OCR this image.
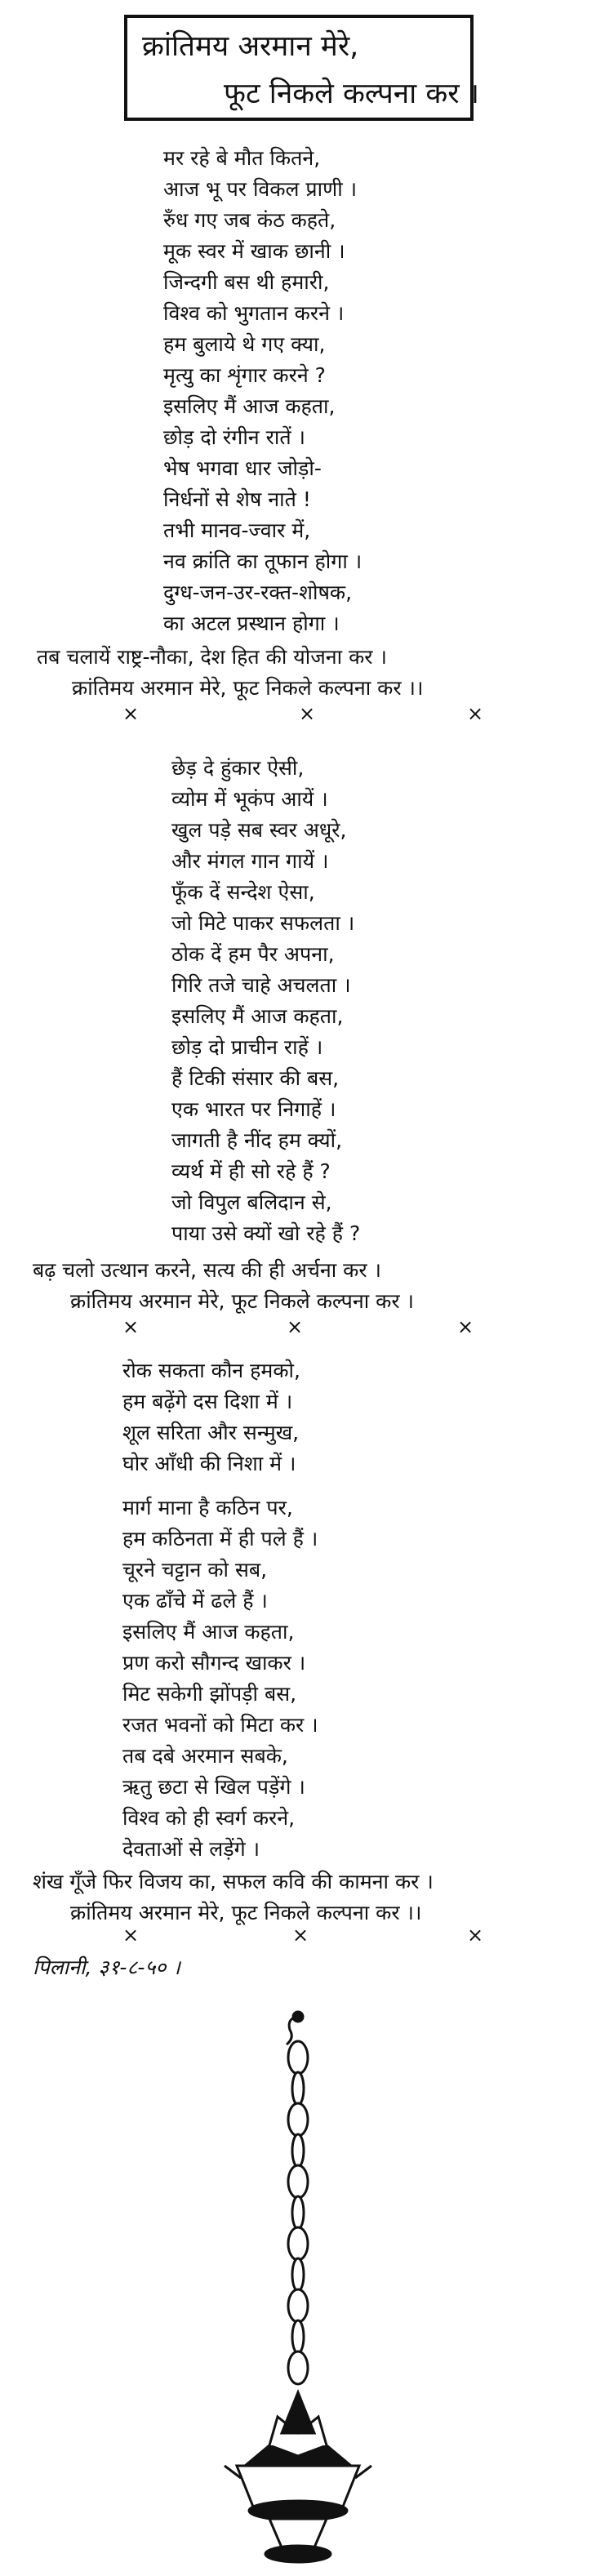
क्रांतिमय अरमान मेरे,
फूट निकले कल्पना कर ।
मर रहे बे मौत कितने,
आज भू पर विकल प्राणी ।
रुँध गए जब कंठ कहते,
मूक स्वर में खाक छानी ।
जिन्दगी बस थी हमारी,
विश्व को भुगतान करने ।
हम बुलाये थे गए क्या,
मृत्यु का शृंगार करने ?
इसलिए मैं आज कहता,
छोड़ दो रंगीन रातें ।
भेष भगवा धार जोड़ो-
निर्धनों से शेष नाते !
तभी मानव-ज्वार में,
नव क्रांति का तूफान होगा ।
दुग्ध-जन-उर-रक्त-शोषक,
का अटल प्रस्थान होगा ।
तब चलायें राष्ट्र-नौका, देश हित की योजना कर ।
क्रांतिमय अरमान मेरे, फूट निकले कल्पना कर ।।
×	×	×
छेड़ दे हुंकार ऐसी,
व्योम में भूकंप आयें ।
खुल पड़े सब स्वर अधूरे,
और मंगल गान गायें ।
फूँक दें सन्देश ऐसा,
जो मिटे पाकर सफलता ।
ठोक दें हम पैर अपना,
गिरि तजे चाहे अचलता ।
इसलिए मैं आज कहता,
छोड़ दो प्राचीन राहें ।
हैं टिकी संसार की बस,
एक भारत पर निगाहें ।
जागती है नींद हम क्यों,
व्यर्थ में ही सो रहे हैं ?
जो विपुल बलिदान से,
पाया उसे क्यों खो रहे हैं ?
बढ़ चलो उत्थान करने, सत्य की ही अर्चना कर ।
क्रांतिमय अरमान मेरे, फूट निकले कल्पना कर ।
×	×	×
रोक सकता कौन हमको,
हम बढ़ेंगे दस दिशा में ।
शूल सरिता और सन्मुख,
घोर आँधी की निशा में ।
मार्ग माना है कठिन पर,
हम कठिनता में ही पले हैं ।
चूरने चट्टान को सब,
एक ढाँचे में ढले हैं ।
इसलिए मैं आज कहता,
प्रण करो सौगन्द खाकर ।
मिट सकेगी झोंपड़ी बस,
रजत भवनों को मिटा कर ।
तब दबे अरमान सबके,
ऋतु छटा से खिल पड़ेंगे ।
विश्व को ही स्वर्ग करने,
देवताओं से लड़ेंगे ।
शंख गूँजे फिर विजय का, सफल कवि की कामना कर ।
क्रांतिमय अरमान मेरे, फूट निकले कल्पना कर ।।
×	×	×
पिलानी, ३१-८-५० ।
